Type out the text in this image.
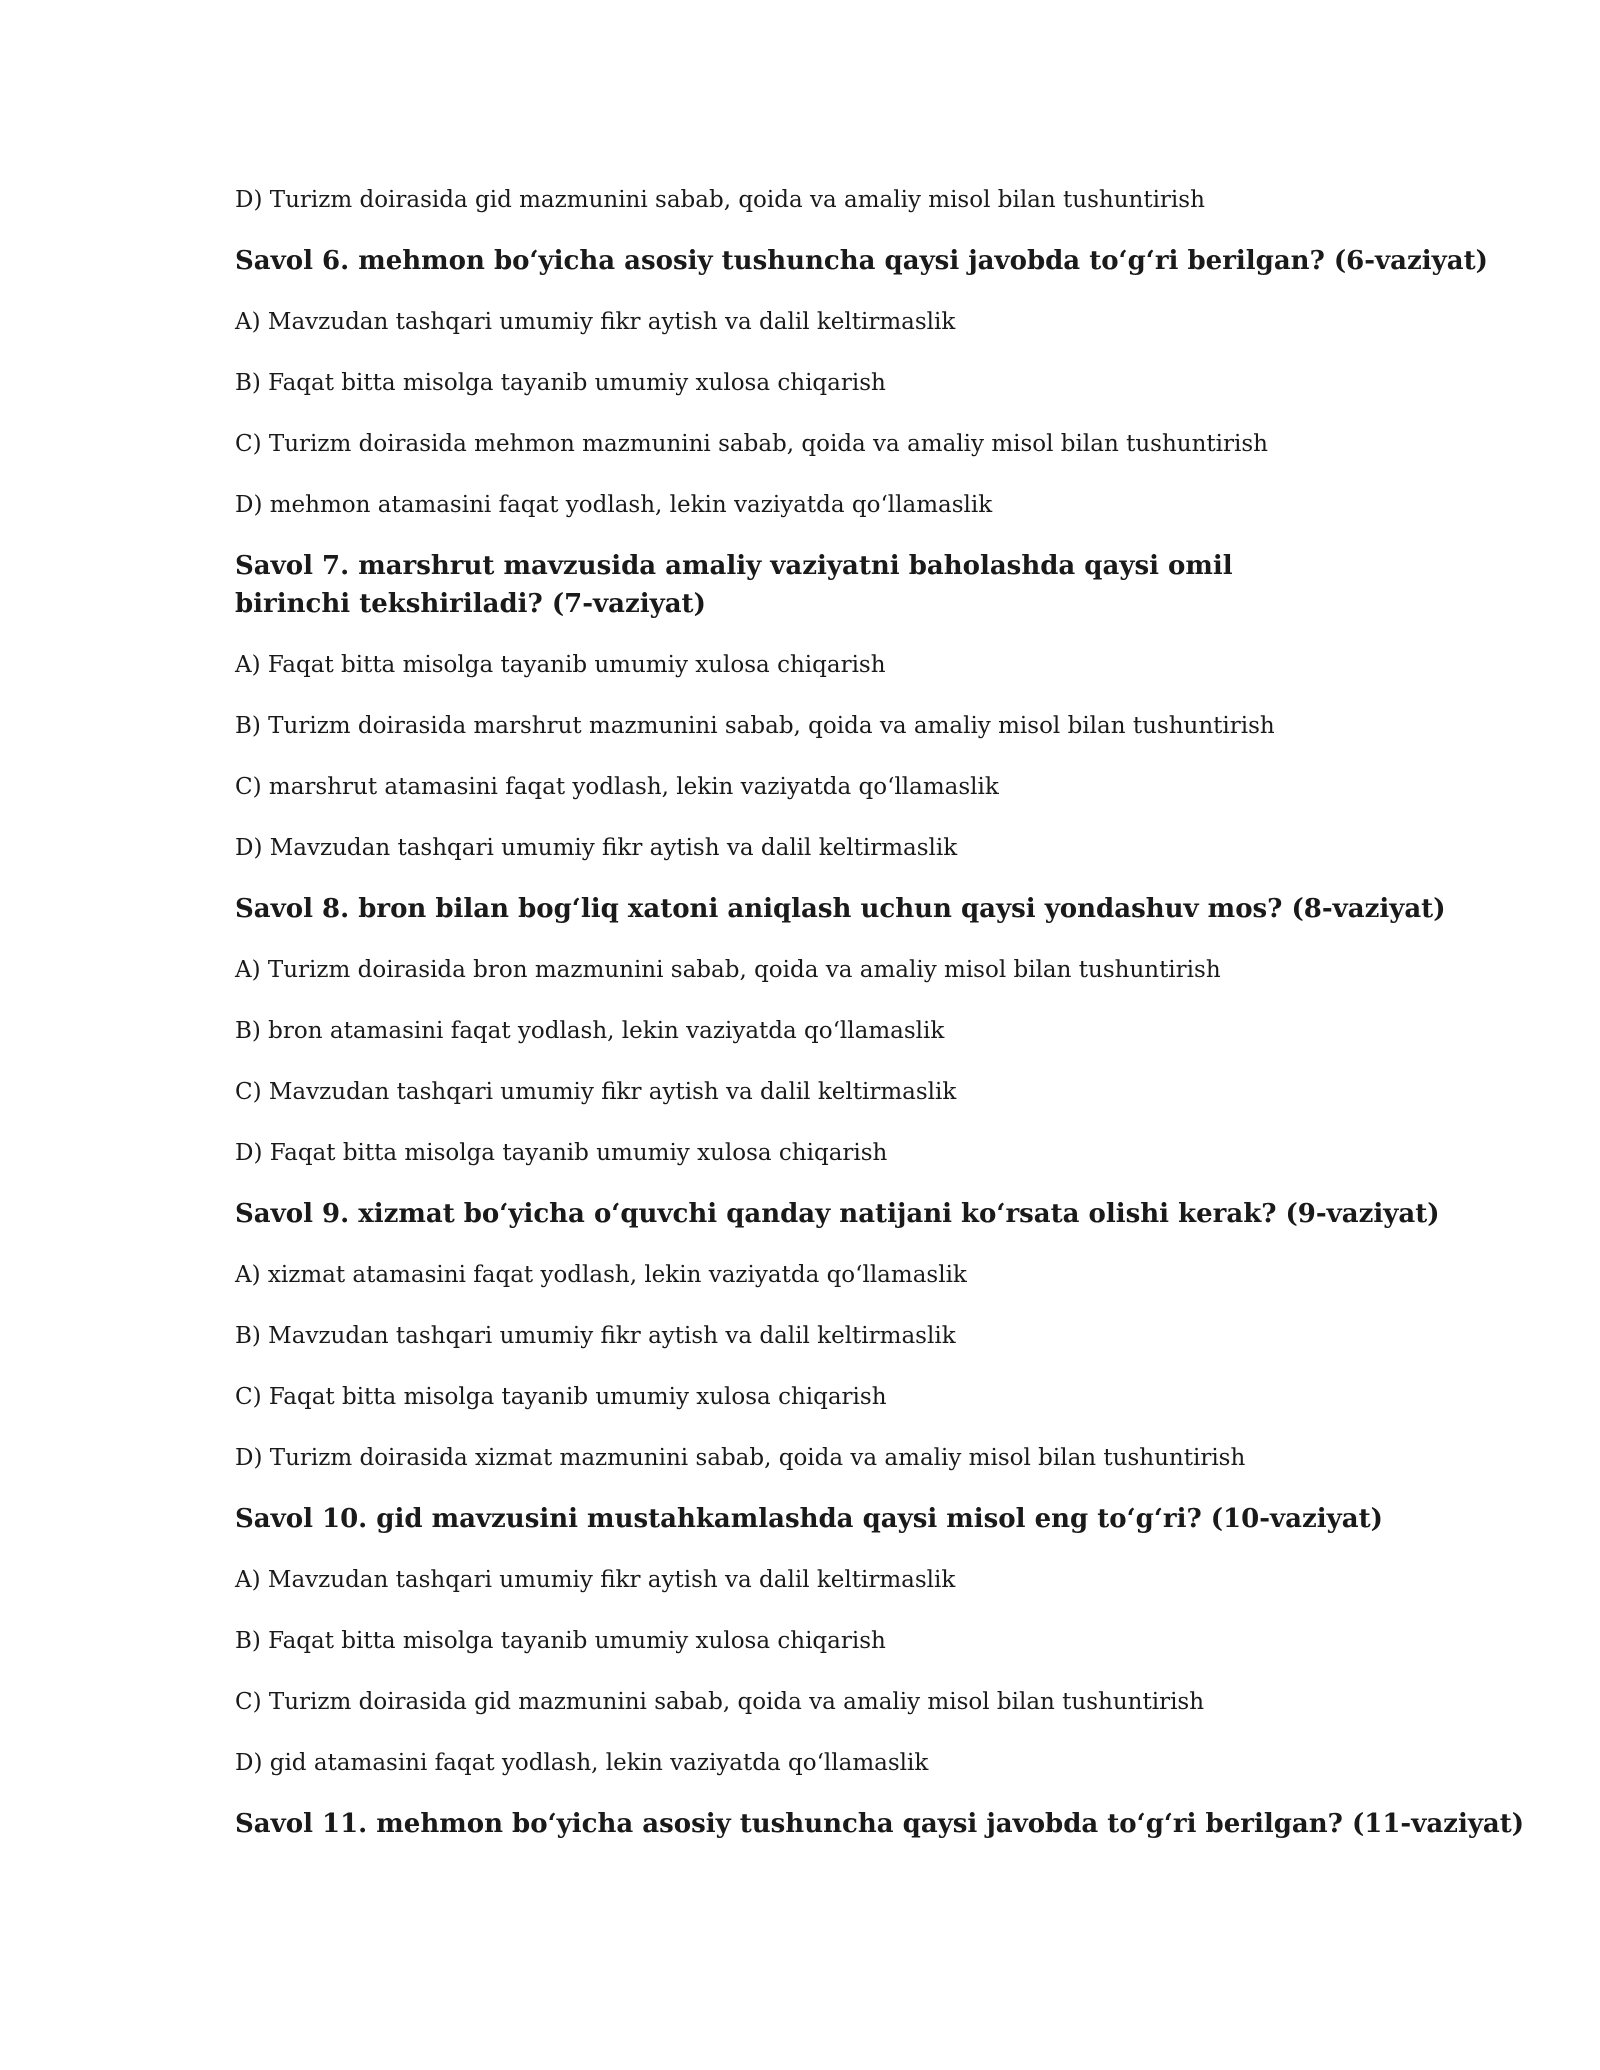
D) Turizm doirasida gid mazmunini sabab, qoida va amaliy misol bilan tushuntirish

Savol 6. mehmon bo‘yicha asosiy tushuncha qaysi javobda to‘g‘ri berilgan? (6-vaziyat)

A) Mavzudan tashqari umumiy fikr aytish va dalil keltirmaslik

B) Faqat bitta misolga tayanib umumiy xulosa chiqarish

C) Turizm doirasida mehmon mazmunini sabab, qoida va amaliy misol bilan tushuntirish

D) mehmon atamasini faqat yodlash, lekin vaziyatda qo‘llamaslik

Savol 7. marshrut mavzusida amaliy vaziyatni baholashda qaysi omil birinchi tekshiriladi? (7-vaziyat)

A) Faqat bitta misolga tayanib umumiy xulosa chiqarish

B) Turizm doirasida marshrut mazmunini sabab, qoida va amaliy misol bilan tushuntirish

C) marshrut atamasini faqat yodlash, lekin vaziyatda qo‘llamaslik

D) Mavzudan tashqari umumiy fikr aytish va dalil keltirmaslik

Savol 8. bron bilan bog‘liq xatoni aniqlash uchun qaysi yondashuv mos? (8-vaziyat)

A) Turizm doirasida bron mazmunini sabab, qoida va amaliy misol bilan tushuntirish

B) bron atamasini faqat yodlash, lekin vaziyatda qo‘llamaslik

C) Mavzudan tashqari umumiy fikr aytish va dalil keltirmaslik

D) Faqat bitta misolga tayanib umumiy xulosa chiqarish

Savol 9. xizmat bo‘yicha o‘quvchi qanday natijani ko‘rsata olishi kerak? (9-vaziyat)

A) xizmat atamasini faqat yodlash, lekin vaziyatda qo‘llamaslik

B) Mavzudan tashqari umumiy fikr aytish va dalil keltirmaslik

C) Faqat bitta misolga tayanib umumiy xulosa chiqarish

D) Turizm doirasida xizmat mazmunini sabab, qoida va amaliy misol bilan tushuntirish

Savol 10. gid mavzusini mustahkamlashda qaysi misol eng to‘g‘ri? (10-vaziyat)

A) Mavzudan tashqari umumiy fikr aytish va dalil keltirmaslik

B) Faqat bitta misolga tayanib umumiy xulosa chiqarish

C) Turizm doirasida gid mazmunini sabab, qoida va amaliy misol bilan tushuntirish

D) gid atamasini faqat yodlash, lekin vaziyatda qo‘llamaslik

Savol 11. mehmon bo‘yicha asosiy tushuncha qaysi javobda to‘g‘ri berilgan? (11-vaziyat)
